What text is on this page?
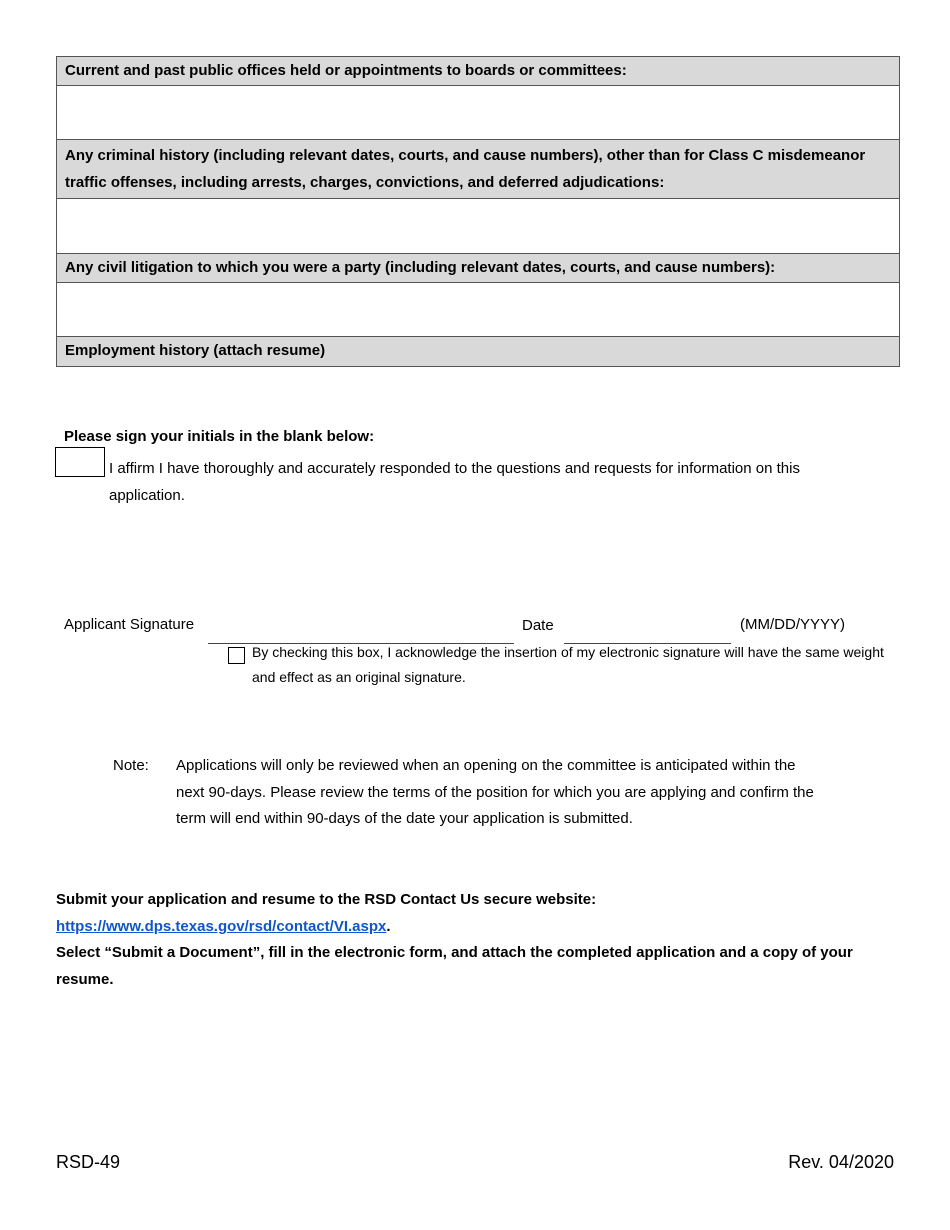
Current and past public offices held or appointments to boards or committees:
Any criminal history (including relevant dates, courts, and cause numbers), other than for Class C misdemeanor
traffic offenses, including arrests, charges, convictions, and deferred adjudications:
Any civil litigation to which you were a party (including relevant dates, courts, and cause numbers):
Employment history (attach resume)
Please sign your initials in the blank below:
I affirm I have thoroughly and accurately responded to the questions and requests for information on this
application.
Applicant Signature	Date	(MM/DD/YYYY)
By checking this box, I acknowledge the insertion of my electronic signature will have the same weight
and effect as an original signature.
Note: Applications will only be reviewed when an opening on the committee is anticipated within the
next 90-days. Please review the terms of the position for which you are applying and confirm the
term will end within 90-days of the date your application is submitted.
Submit your application and resume to the RSD Contact Us secure website:
https://www.dps.texas.gov/rsd/contact/VI.aspx.
Select “Submit a Document”, fill in the electronic form, and attach the completed application and a copy of your
resume.
RSD-49	Rev. 04/2020
